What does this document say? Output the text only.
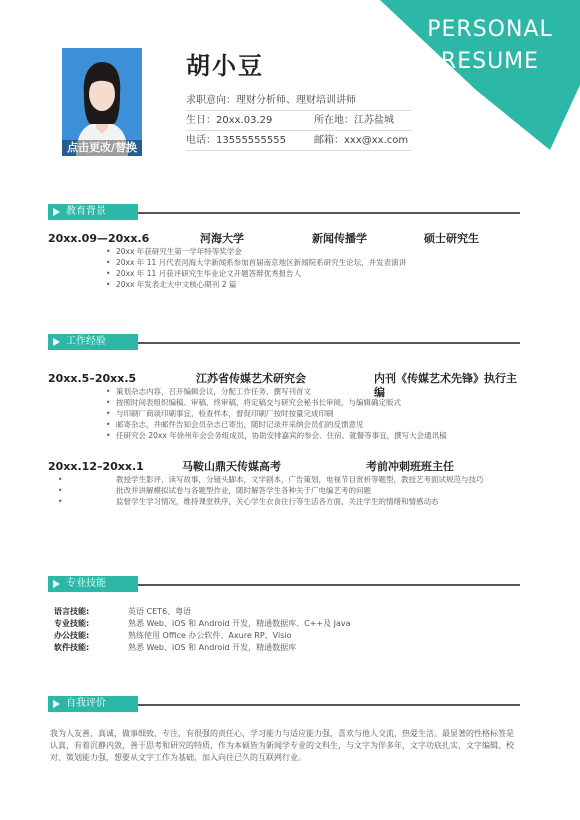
PERSONAL
RESUME
点击更改/替换
胡小豆
求职意向：理财分析师、理财培训讲师
生日：20xx.03.29	所在地：江苏盐城
电话：13555555555	邮箱：xxx@xx.com
教育背景
20xx.09—20xx.6	河海大学	新闻传播学	硕士研究生
• 20xx 年获研究生第一学年特等奖学金
• 20xx 年 11 月代表河海大学新闻系参加首届南京地区新闻院系研究生论坛，并发表演讲
• 20xx 年 11 月获评研究生毕业论文开题答辩优秀报告人
• 20xx 年发表北大中文核心期刊 2 篇
工作经验
20xx.5–20xx.5	江苏省传媒艺术研究会	内刊《传媒艺术先锋》执行主编
• 策划杂志内容，召开编辑会议，分配工作任务，撰写刊首文
• 按照时间表组织编稿、审稿、终审稿，将定稿交与研究会秘书长审阅，与编辑确定版式
• 与印刷厂商谈印刷事宜，检查样本，督促印刷厂按时按量完成印刷
• 邮寄杂志，并邮件告知会员杂志已寄出，随时记录并采纳会员们的反馈意见
• 任研究会 20xx 年徐州年会会务组成员，协助安排嘉宾的参会、住宿、就餐等事宜，撰写大会通讯稿
20xx.12–20xx.1	马鞍山鼎天传媒高考	考前冲刺班班主任
• 教授学生影评、读写故事，分镜头脚本，文学剧本，广告策划，电视节目赏析等题型，教授艺考面试规范与技巧
• 批改并讲解模拟试卷与各题型作业，随时解答学生各种关于广电编艺考的问题
• 监督学生学习情况，维持课堂秩序，关心学生衣食住行等生活各方面，关注学生的情绪和情感动态
专业技能
语言技能:	英语 CET6、粤语
专业技能:	熟悉 Web、iOS 和 Android 开发，精通数据库、C++及 Java
办公技能:	熟练使用 Office 办公软件、Axure RP、Visio
软件技能:	熟悉 Web、iOS 和 Android 开发，精通数据库
自我评价
我为人友善，真诚，做事细致、专注，有很强的责任心，学习能力与适应能力强，喜欢与他人交流，热爱生活。最显著的性格标签是认真，有着沉静内敛，善于思考和研究的特质，作为本硕皆为新闻学专业的文科生，与文字为伴多年，文字功底扎实，文字编辑、校对、策划能力强，想要从文字工作为基础，加入向往已久的互联网行业。
